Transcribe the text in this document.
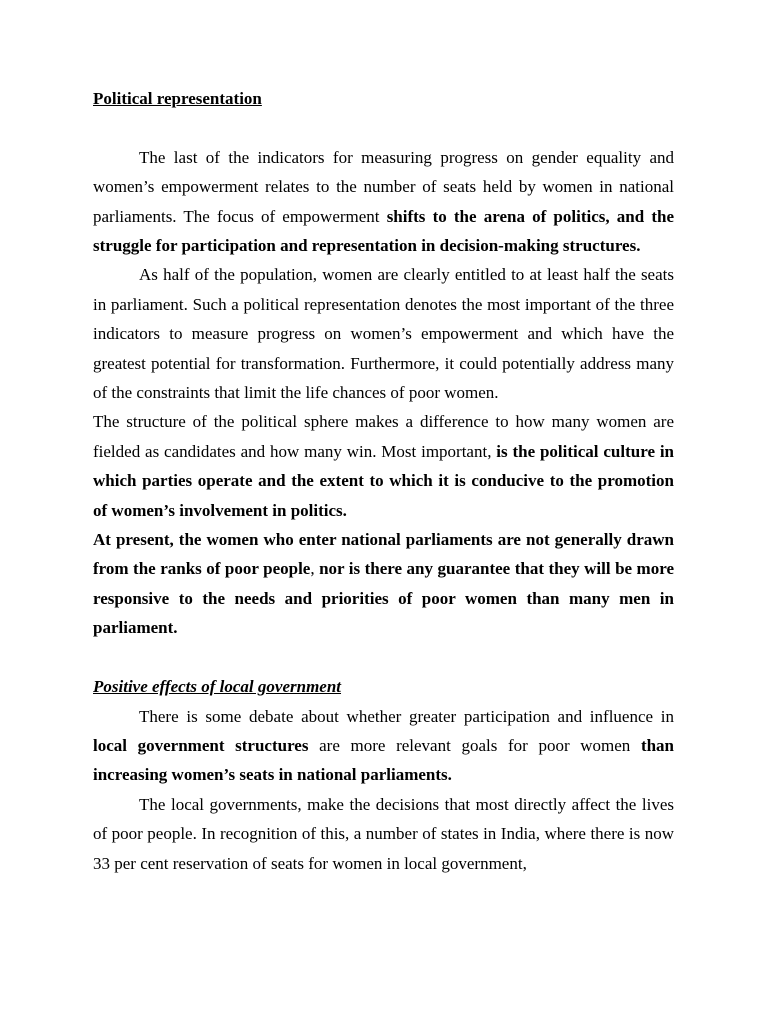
Political representation

The last of the indicators for measuring progress on gender equality and women’s empowerment relates to the number of seats held by women in national parliaments. The focus of empowerment shifts to the arena of politics, and the struggle for participation and representation in decision-making structures.

As half of the population, women are clearly entitled to at least half the seats in parliament. Such a political representation denotes the most important of the three indicators to measure progress on women’s empowerment and which have the greatest potential for transformation. Furthermore, it could potentially address many of the constraints that limit the life chances of poor women.

The structure of the political sphere makes a difference to how many women are fielded as candidates and how many win. Most important, is the political culture in which parties operate and the extent to which it is conducive to the promotion of women’s involvement in politics.

At present, the women who enter national parliaments are not generally drawn from the ranks of poor people, nor is there any guarantee that they will be more responsive to the needs and priorities of poor women than many men in parliament.

Positive effects of local government

There is some debate about whether greater participation and influence in local government structures are more relevant goals for poor women than increasing women’s seats in national parliaments.

The local governments, make the decisions that most directly affect the lives of poor people. In recognition of this, a number of states in India, where there is now 33 per cent reservation of seats for women in local government,
